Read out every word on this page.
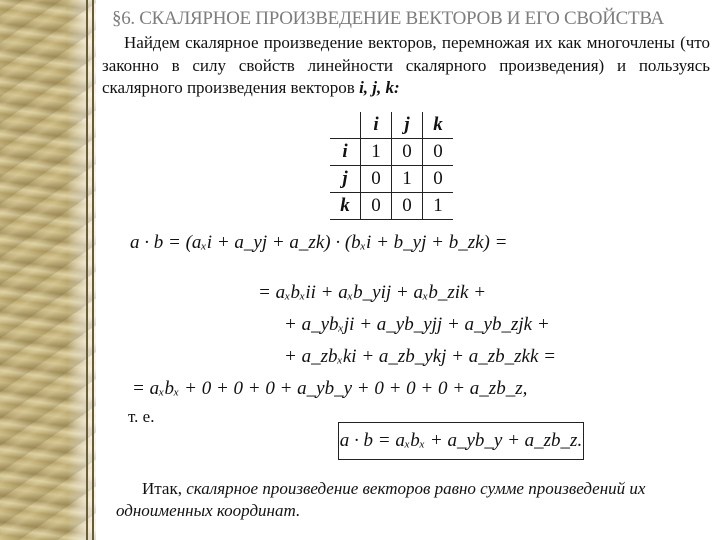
§6. СКАЛЯРНОЕ ПРОИЗВЕДЕНИЕ ВЕКТОРОВ И ЕГО СВОЙСТВА

Найдем скалярное произведение векторов, перемножая их как многочлены (что законно в силу свойств линейности скалярного произведения) и пользуясь скалярного произведения векторов i, j, k:

	i	j	k
i	1	0	0
j	0	1	0
k	0	0	1
a · b = (aₓi + a_yj + a_zk) · (bₓi + b_yj + b_zk) =
= aₓbₓii + aₓb_yij + aₓb_zik +
+ a_ybₓji + a_yb_yjj + a_yb_zjk +
+ a_zbₓki + a_zb_ykj + a_zb_zkk =
= aₓbₓ + 0 + 0 + 0 + a_yb_y + 0 + 0 + 0 + a_zb_z,
т. е.
a · b = aₓbₓ + a_yb_y + a_zb_z.

Итак, скалярное произведение векторов равно сумме произведений их одноименных координат.
